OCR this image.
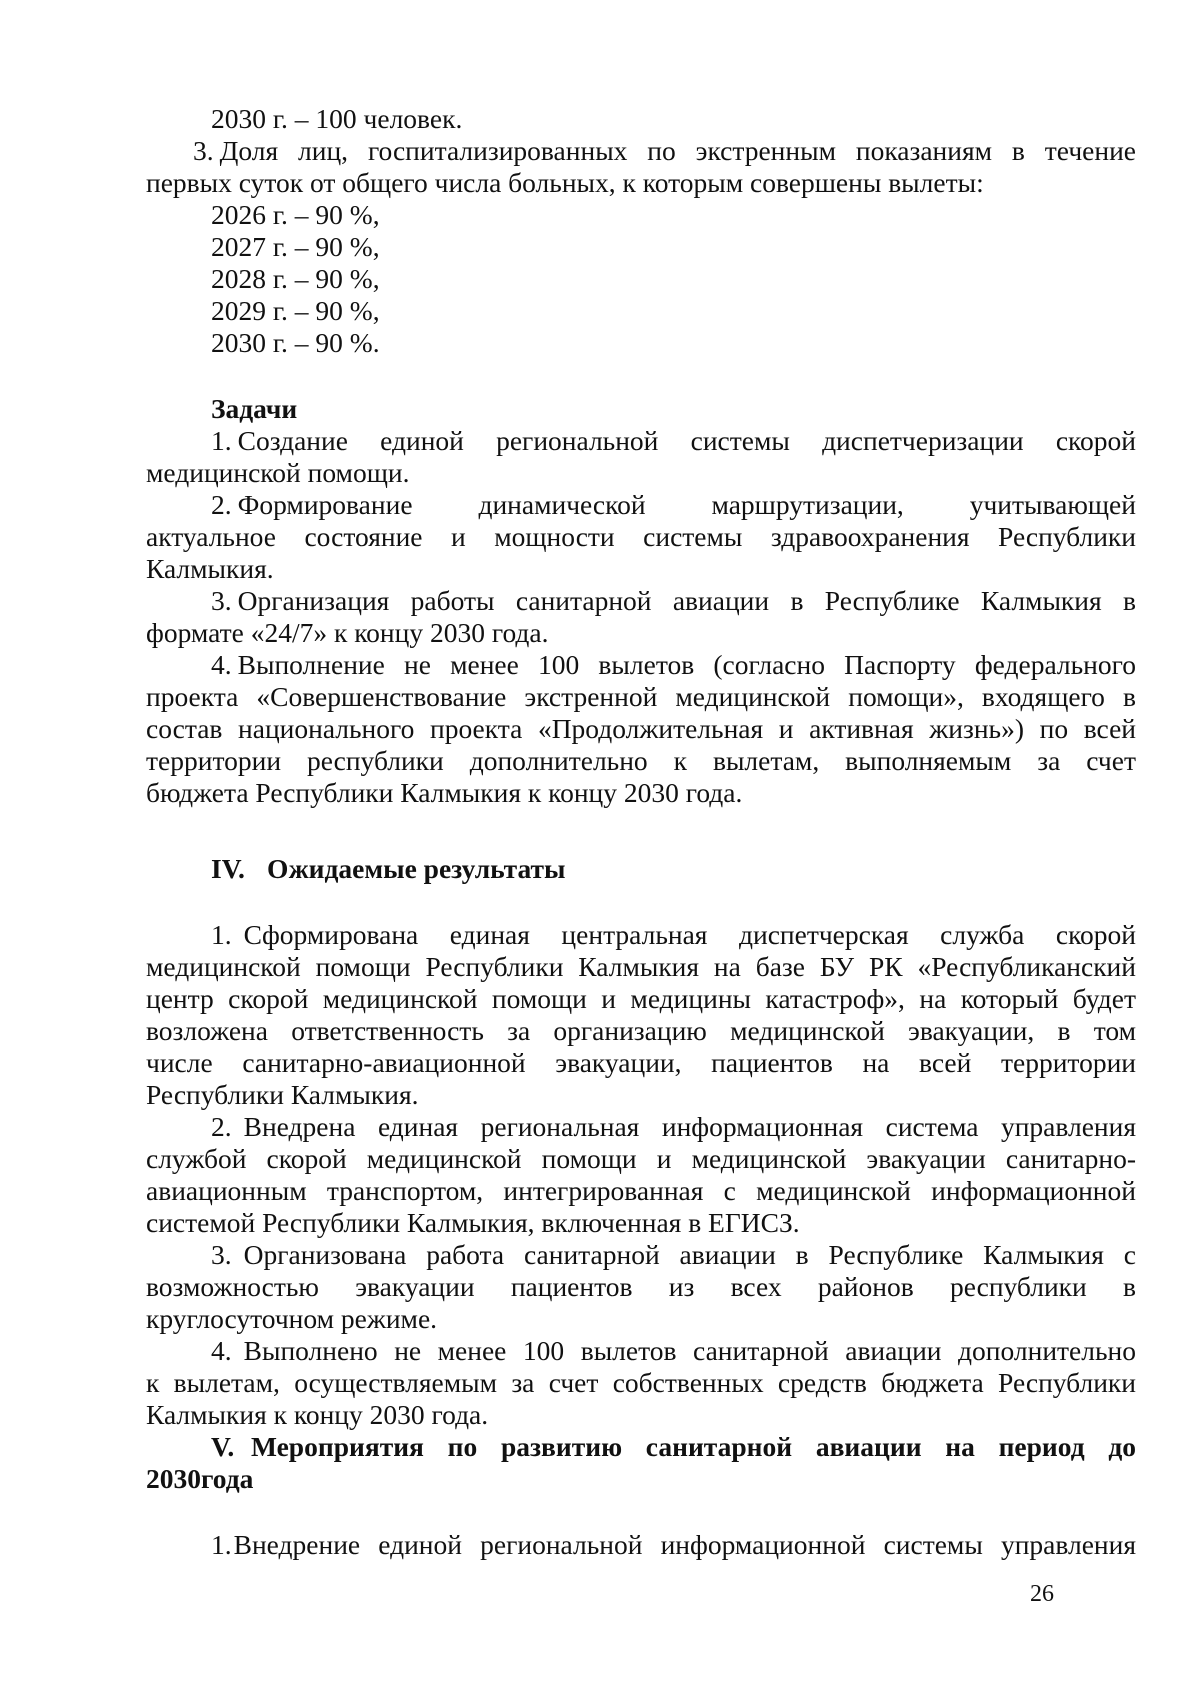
2030 г. – 100 человек.
3. Доля лиц, госпитализированных по экстренным показаниям в течение
первых суток от общего числа больных, к которым совершены вылеты:
2026 г. – 90 %,
2027 г. – 90 %,
2028 г. – 90 %,
2029 г. – 90 %,
2030 г. – 90 %.
Задачи
1. Создание единой региональной системы диспетчеризации скорой
медицинской помощи.
2. Формирование динамической маршрутизации, учитывающей
актуальное состояние и мощности системы здравоохранения Республики
Калмыкия.
3. Организация работы санитарной авиации в Республике Калмыкия в
формате «24/7» к концу 2030 года.
4. Выполнение не менее 100 вылетов (согласно Паспорту федерального
проекта «Совершенствование экстренной медицинской помощи», входящего в
состав национального проекта «Продолжительная и активная жизнь») по всей
территории республики дополнительно к вылетам, выполняемым за счет
бюджета Республики Калмыкия к концу 2030 года.
IV. Ожидаемые результаты
1. Сформирована единая центральная диспетчерская служба скорой
медицинской помощи Республики Калмыкия на базе БУ РК «Республиканский
центр скорой медицинской помощи и медицины катастроф», на который будет
возложена ответственность за организацию медицинской эвакуации, в том
числе санитарно-авиационной эвакуации, пациентов на всей территории
Республики Калмыкия.
2. Внедрена единая региональная информационная система управления
службой скорой медицинской помощи и медицинской эвакуации санитарно-
авиационным транспортом, интегрированная с медицинской информационной
системой Республики Калмыкия, включенная в ЕГИСЗ.
3. Организована работа санитарной авиации в Республике Калмыкия с
возможностью эвакуации пациентов из всех районов республики в
круглосуточном режиме.
4. Выполнено не менее 100 вылетов санитарной авиации дополнительно
к вылетам, осуществляемым за счет собственных средств бюджета Республики
Калмыкия к концу 2030 года.
V. Мероприятия по развитию санитарной авиации на период до
2030года
1.Внедрение единой региональной информационной системы управления
26
